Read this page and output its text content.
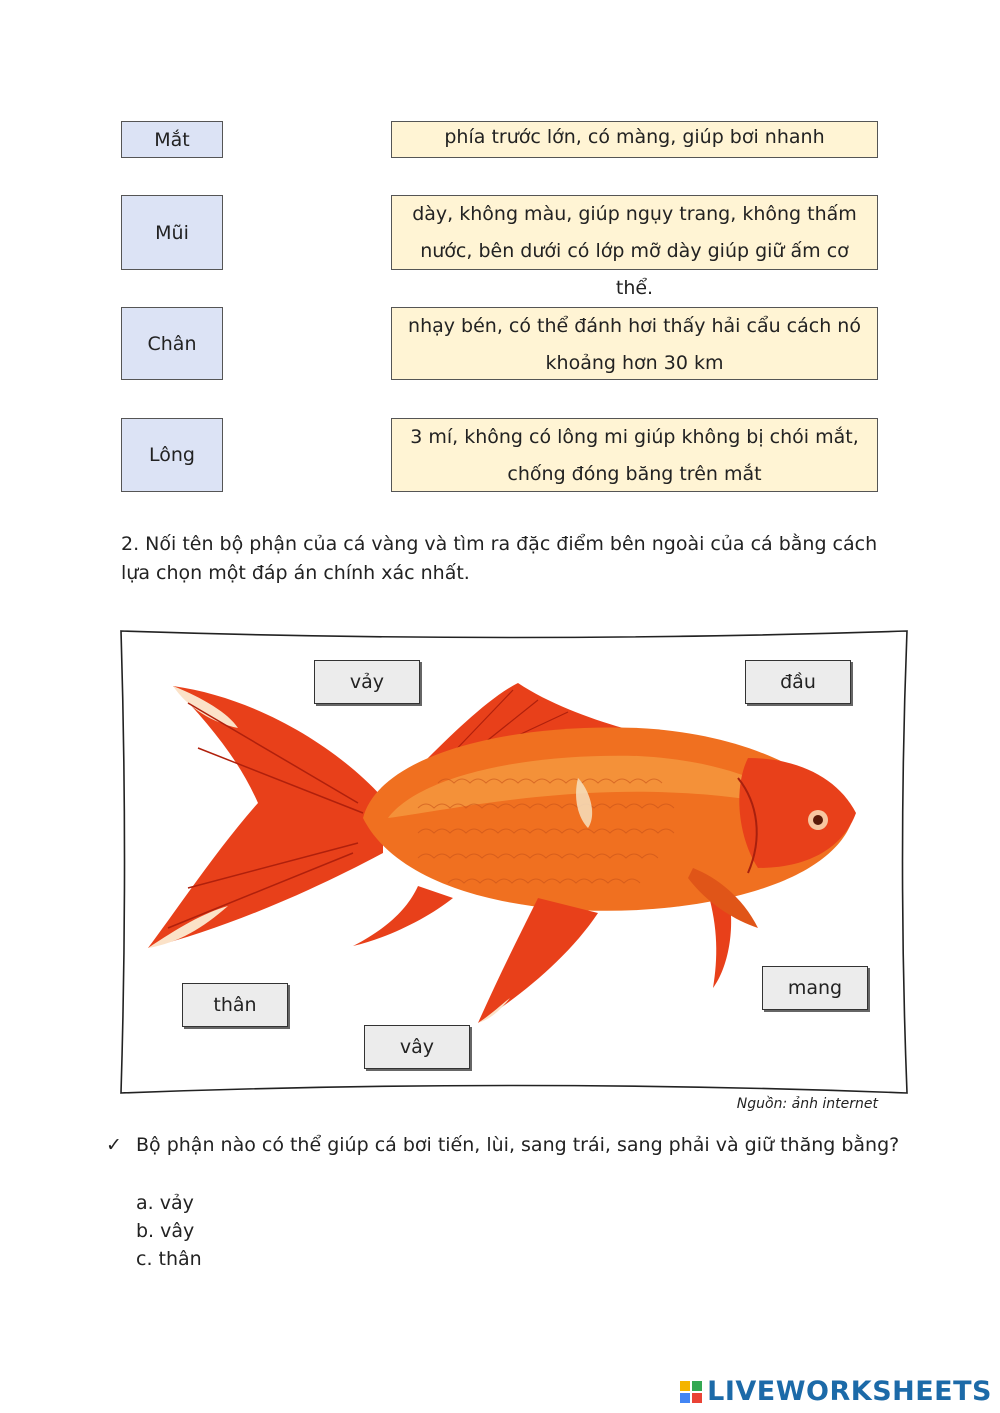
Mắt	phía trước lớn, có màng, giúp bơi nhanh
Mũi
dày, không màu, giúp ngụy trang, không thấm nước, bên dưới có lớp mỡ dày giúp giữ ấm cơ thể.
Chân
nhạy bén, có thể đánh hơi thấy hải cẩu cách nó khoảng hơn 30 km
Lông
3 mí, không có lông mi giúp không bị chói mắt, chống đóng băng trên mắt
2. Nối tên bộ phận của cá vàng và tìm ra đặc điểm bên ngoài của cá bằng cách lựa chọn một đáp án chính xác nhất.
vảy	đầu
thân
vây
mang
Nguồn: ảnh internet
✓ Bộ phận nào có thể giúp cá bơi tiến, lùi, sang trái, sang phải và giữ thăng bằng?
a. vảy
b. vây
c. thân
LIVEWORKSHEETS
